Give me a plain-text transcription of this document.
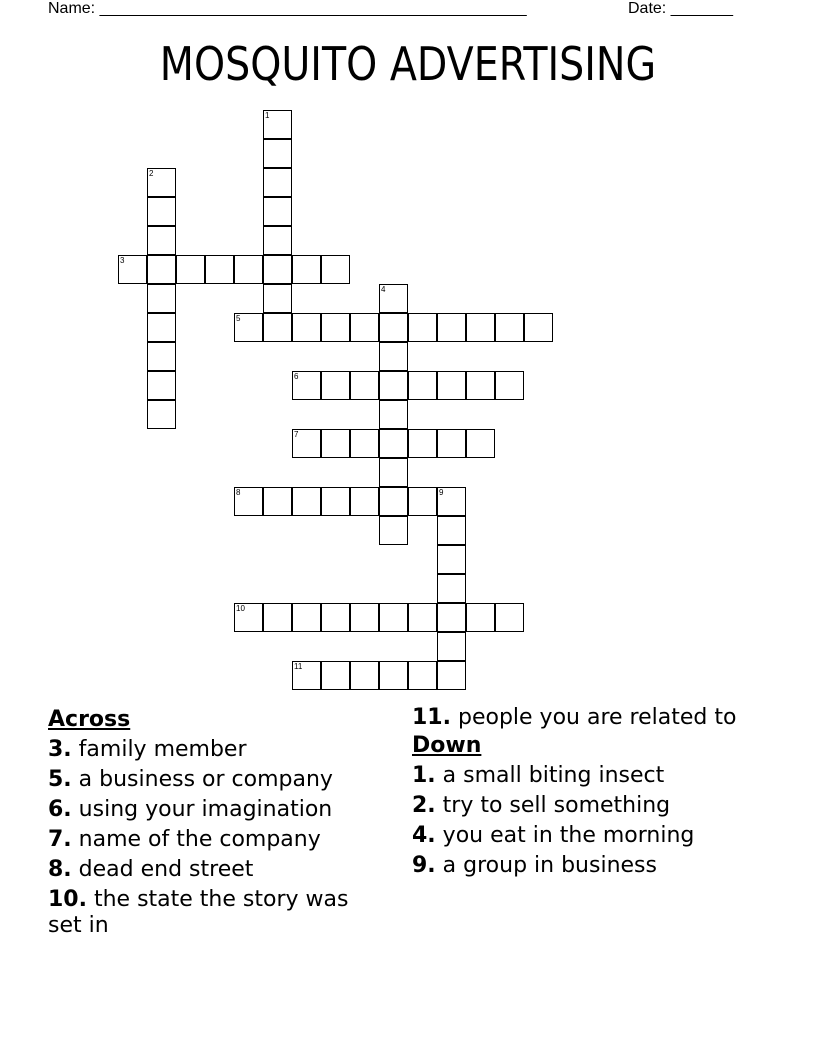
Name: ________________________________________________	Date: _______
MOSQUITO ADVERTISING
1
2
3
4
5
6
7
8	9
10
11
Across
3. family member
5. a business or company
6. using your imagination
7. name of the company
8. dead end street
10. the state the story was set in
11. people you are related to
Down
1. a small biting insect
2. try to sell something
4. you eat in the morning
9. a group in business
